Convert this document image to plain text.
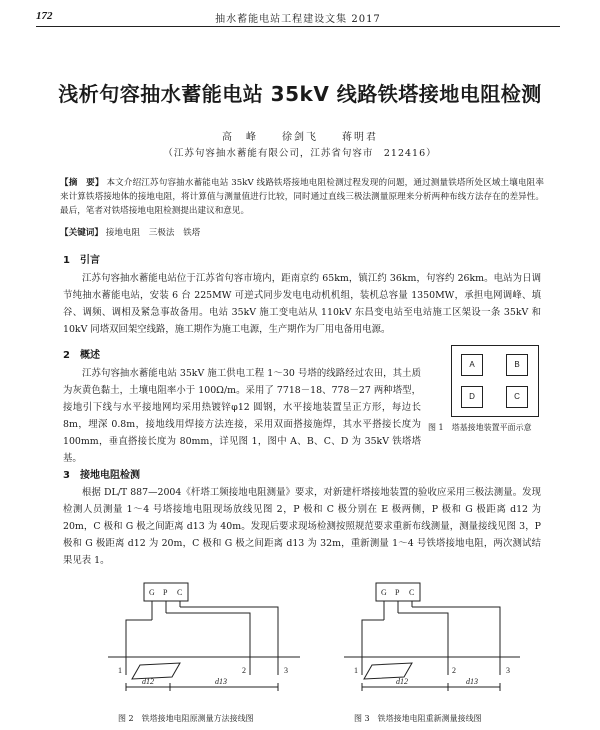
172	抽水蓄能电站工程建设文集 2017
浅析句容抽水蓄能电站 35kV 线路铁塔接地电阻检测
高　峰　　徐剑飞　　蒋明君
（江苏句容抽水蓄能有限公司，江苏省句容市　212416）
【摘　要】 本文介绍江苏句容抽水蓄能电站 35kV 线路铁塔接地电阻检测过程发现的问题，通过测量铁塔所处区域土壤电阻率来计算铁塔接地体的接地电阻，将计算值与测量值进行比较，同时通过直线三极法测量原理来分析两种布线方法存在的差异性。最后，笔者对铁塔接地电阻检测提出建议和意见。
【关键词】 接地电阻　三极法　铁塔
1　引言
江苏句容抽水蓄能电站位于江苏省句容市境内，距南京约 65km，镇江约 36km，句容约 26km。电站为日调节纯抽水蓄能电站，安装 6 台 225MW 可逆式同步发电电动机机组，装机总容量 1350MW，承担电网调峰、填谷、调频、调相及紧急事故备用。电站 35kV 施工变电站从 110kV 东昌变电站至电站施工区架设一条 35kV 和 10kV 同塔双回架空线路，施工期作为施工电源，生产期作为厂用电备用电源。
2　概述
江苏句容抽水蓄能电站 35kV 施工供电工程 1～30 号塔的线路经过农田，其土质为灰黄色黏土，土壤电阻率小于 100Ω/m。采用了 7718－18、778－27 两种塔型，接地引下线与水平接地网均采用热镀锌φ12 圆钢，水平接地装置呈正方形，每边长 8m，埋深 0.8m，接地线用焊接方法连接，采用双面搭接施焊，其水平搭接长度为 100mm，垂直搭接长度为 80mm，详见图 1，图中 A、B、C、D 为 35kV 铁塔塔基。
A	B
D	C
图 1　塔基接地装置平面示意
3　接地电阻检测
根据 DL/T 887—2004《杆塔工频接地电阻测量》要求，对新建杆塔接地装置的验收应采用三极法测量。发现检测人员测量 1～4 号塔接地电阻现场放线见图 2，P 极和 C 极分别在 E 极两侧，P 极和 G 极距离 d12 为 20m，C 极和 G 极之间距离 d13 为 40m。发现后要求现场检测按照规范要求重新布线测量，测量接线见图 3，P 极和 G 极距离 d12 为 20m，C 极和 G 极之间距离 d13 为 32m，重新测量 1～4 号铁塔接地电阻，两次测试结果见表 1。
G P C
1	2	3
d12	d13
G P C
1	2	3
d12	d13
图 2　铁塔接地电阻原测量方法接线图	图 3　铁塔接地电阻重新测量接线图
